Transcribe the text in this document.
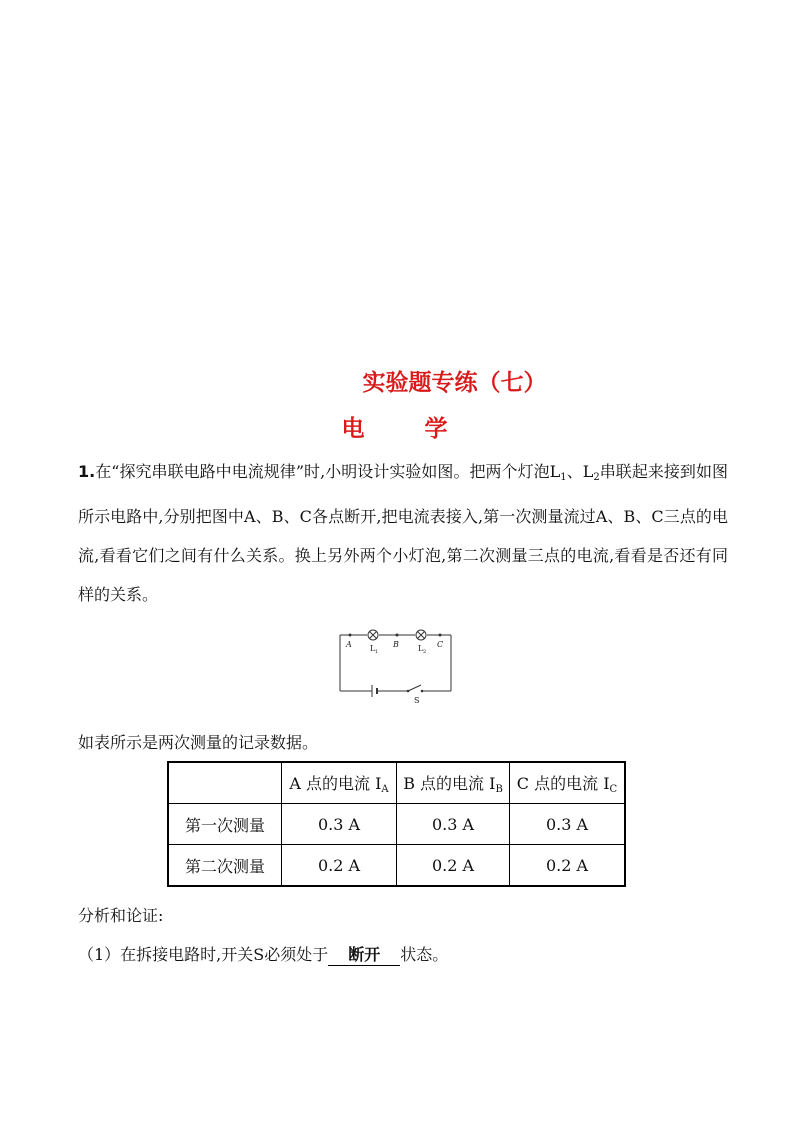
实验题专练（七）
电学
1.在“探究串联电路中电流规律”时,小明设计实验如图。把两个灯泡$L_1$、$L_2$串联起来接到如图所示电路中,分别把图中A、B、C各点断开,把电流表接入,第一次测量流过A、B、C三点的电流,看看它们之间有什么关系。换上另外两个小灯泡,第二次测量三点的电流,看看是否还有同样的关系。
A	B	C
L 1	L 2
S
如表所示是两次测量的记录数据。
	A 点的电流 $I_A$	B 点的电流 $I_B$	C 点的电流 $I_C$
第一次测量	0.3 A	0.3 A	0.3 A
第二次测量	0.2 A	0.2 A	0.2 A
分析和论证:
（1）在拆接电路时,开关S必须处于 断开 状态。
